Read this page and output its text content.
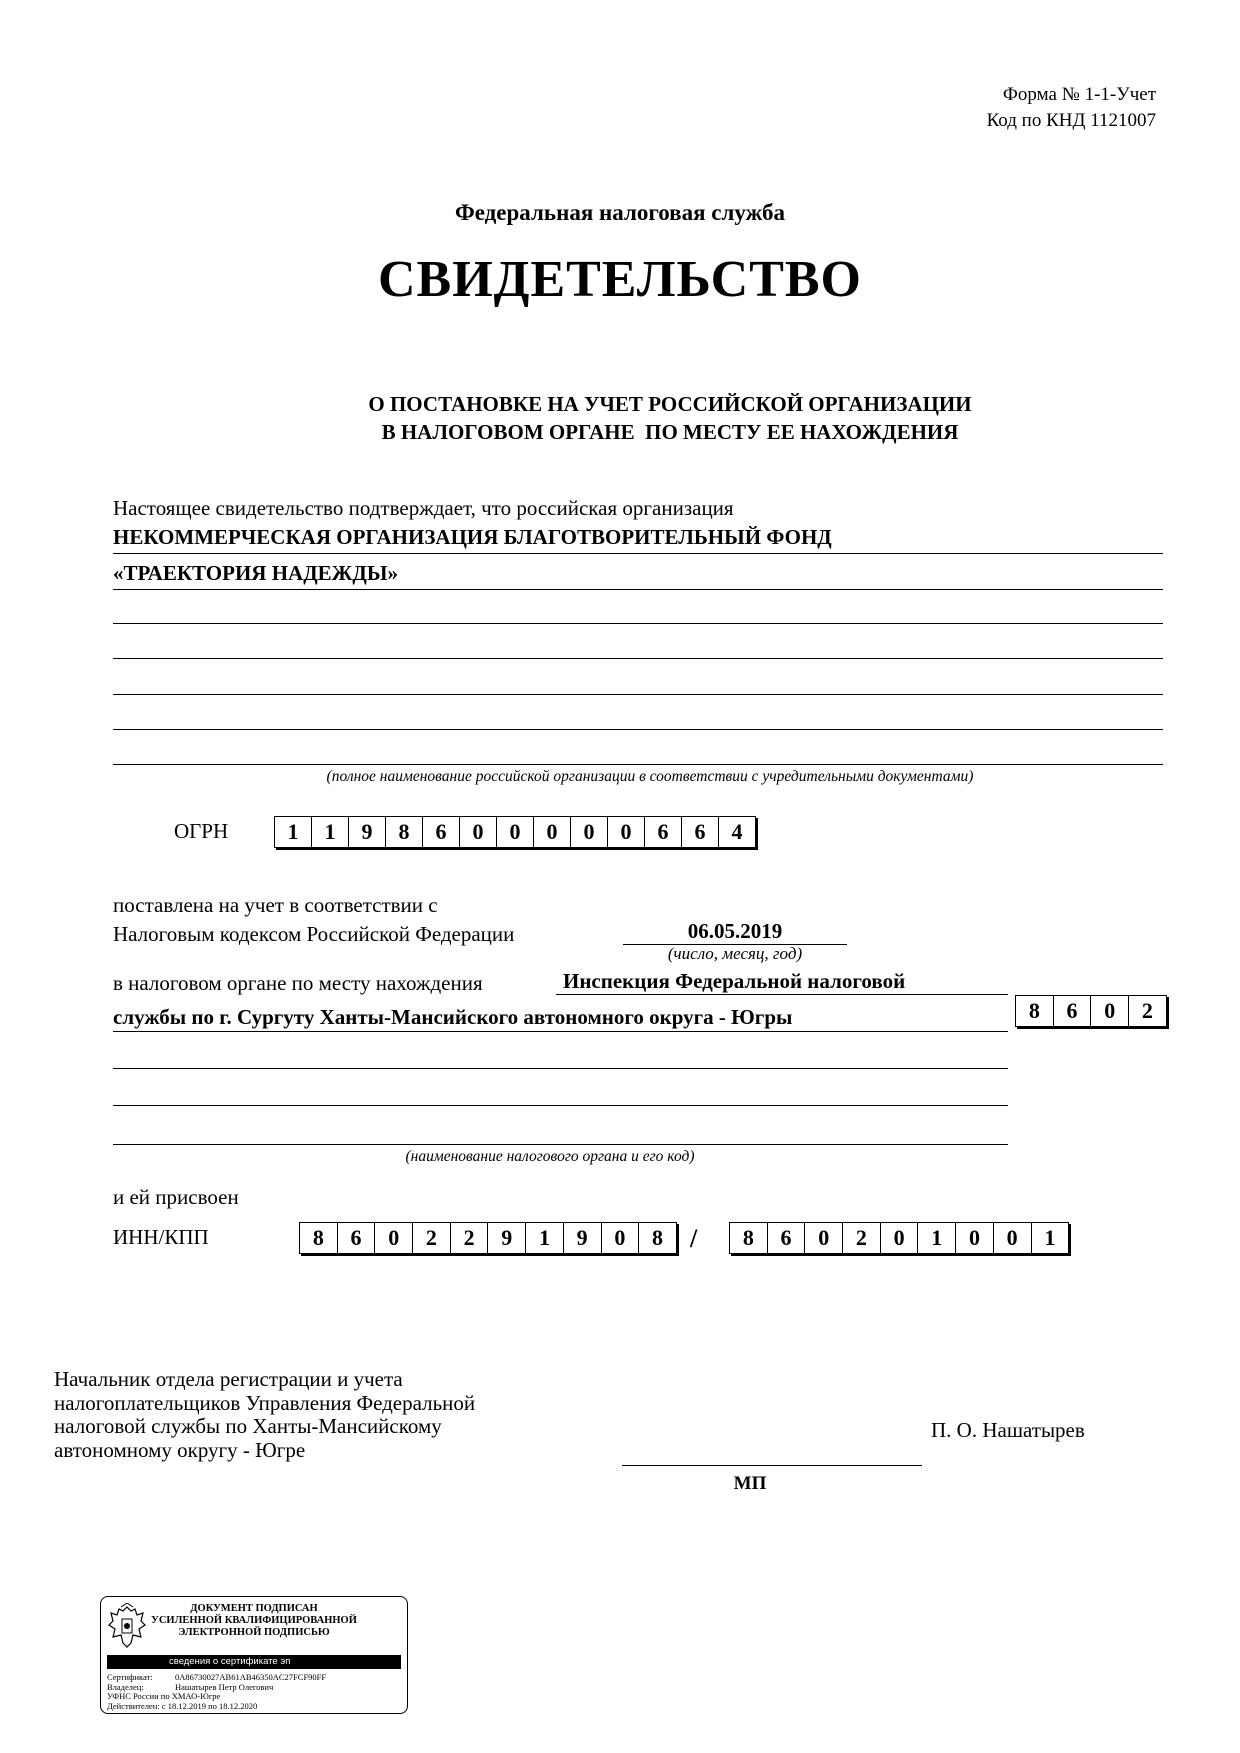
Форма № 1-1-Учет
Код по КНД 1121007
Федеральная налоговая служба
СВИДЕТЕЛЬСТВО
О ПОСТАНОВКЕ НА УЧЕТ РОССИЙСКОЙ ОРГАНИЗАЦИИ
В НАЛОГОВОМ ОРГАНЕ  ПО МЕСТУ ЕЕ НАХОЖДЕНИЯ
Настоящее свидетельство подтверждает, что российская организация
НЕКОММЕРЧЕСКАЯ ОРГАНИЗАЦИЯ БЛАГОТВОРИТЕЛЬНЫЙ ФОНД
«ТРАЕКТОРИЯ НАДЕЖДЫ»
(полное наименование российской организации в соответствии с учредительными документами)
ОГРН	1	1	9	8	6	0	0	0	0	0	6	6	4
поставлена на учет в соответствии с
Налоговым кодексом Российской Федерации	06.05.2019
(число, месяц, год)
в налоговом органе по месту нахождения	Инспекция Федеральной налоговой
службы по г. Сургуту Ханты-Мансийского автономного округа - Югры	8	6	0	2
(наименование налогового органа и его код)
и ей присвоен
ИНН/КПП	8	6	0	2	2	9	1	9	0	8	/	8	6	0	2	0	1	0	0	1
Начальник отдела регистрации и учета
налогоплательщиков Управления Федеральной
налоговой службы по Ханты-Мансийскому
автономному округу - Югре
П. О. Нашатырев
МП
ДОКУМЕНТ ПОДПИСАН
УСИЛЕННОЙ КВАЛИФИЦИРОВАННОЙ
ЭЛЕКТРОННОЙ ПОДПИСЬЮ
сведения о сертификате эп
Сертификат:	0A86730027AB61AB46350AC27FCF90FF
Владелец:	Нашатырев Петр Олегович
УФНС России по ХМАО-Югре
Действителен: с 18.12.2019 по 18.12.2020
